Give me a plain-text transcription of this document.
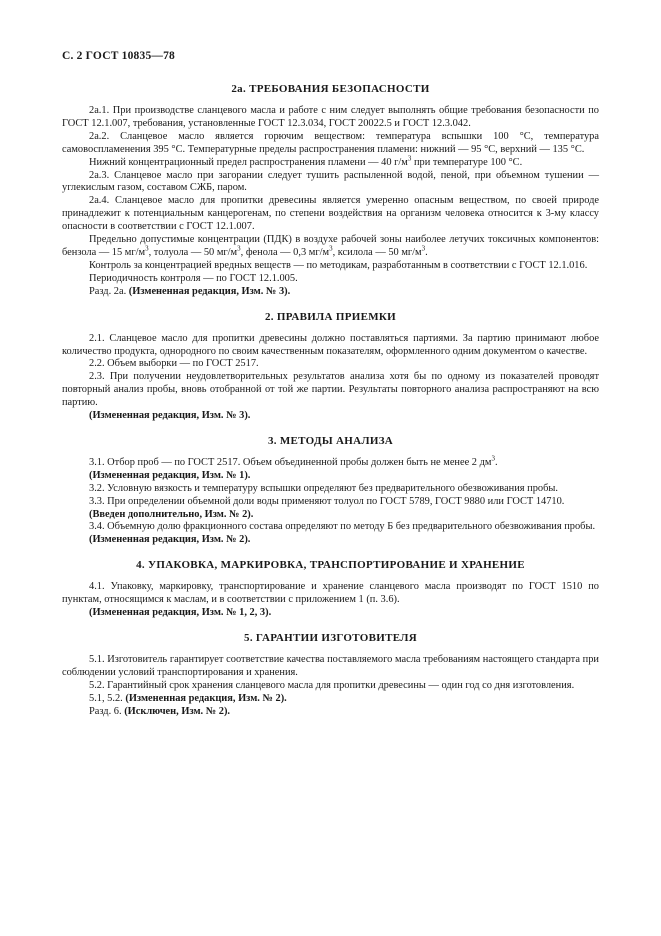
С. 2 ГОСТ 10835—78
2а. ТРЕБОВАНИЯ БЕЗОПАСНОСТИ

2а.1. При производстве сланцевого масла и работе с ним следует выполнять общие требования безопасности по ГОСТ 12.1.007, требования, установленные ГОСТ 12.3.034, ГОСТ 20022.5 и ГОСТ 12.3.042.

2а.2. Сланцевое масло является горючим веществом: температура вспышки 100 °С, температура самовоспламенения 395 °С. Температурные пределы распространения пламени: нижний — 95 °С, верхний — 135 °С.

Нижний концентрационный предел распространения пламени — 40 $г/м^3$ при температуре 100 °С.

2а.3. Сланцевое масло при загорании следует тушить распыленной водой, пеной, при объемном тушении — углекислым газом, составом СЖБ, паром.

2а.4. Сланцевое масло для пропитки древесины является умеренно опасным веществом, по своей природе принадлежит к потенциальным канцерогенам, по степени воздействия на организм человека относится к 3-му классу опасности в соответствии с ГОСТ 12.1.007.

Предельно допустимые концентрации (ПДК) в воздухе рабочей зоны наиболее летучих токсичных компонентов: бензола — 15 $мг/м^3$, толуола — 50 $мг/м^3$, фенола — 0,3 $мг/м^3$, ксилола — 50 $мг/м^3$.

Контроль за концентрацией вредных веществ — по методикам, разработанным в соответствии с ГОСТ 12.1.016.

Периодичность контроля — по ГОСТ 12.1.005.

Разд. 2а. (Измененная редакция, Изм. № 3).

2. ПРАВИЛА ПРИЕМКИ

2.1. Сланцевое масло для пропитки древесины должно поставляться партиями. За партию принимают любое количество продукта, однородного по своим качественным показателям, оформленного одним документом о качестве.

2.2. Объем выборки — по ГОСТ 2517.

2.3. При получении неудовлетворительных результатов анализа хотя бы по одному из показателей проводят повторный анализ пробы, вновь отобранной от той же партии. Результаты повторного анализа распространяют на всю партию.

(Измененная редакция, Изм. № 3).

3. МЕТОДЫ АНАЛИЗА

3.1. Отбор проб — по ГОСТ 2517. Объем объединенной пробы должен быть не менее 2 $дм^3$.

(Измененная редакция, Изм. № 1).

3.2. Условную вязкость и температуру вспышки определяют без предварительного обезвоживания пробы.

3.3. При определении объемной доли воды применяют толуол по ГОСТ 5789, ГОСТ 9880 или ГОСТ 14710.

(Введен дополнительно, Изм. № 2).

3.4. Объемную долю фракционного состава определяют по методу Б без предварительного обезвоживания пробы.

(Измененная редакция, Изм. № 2).

4. УПАКОВКА, МАРКИРОВКА, ТРАНСПОРТИРОВАНИЕ И ХРАНЕНИЕ

4.1. Упаковку, маркировку, транспортирование и хранение сланцевого масла производят по ГОСТ 1510 по пунктам, относящимся к маслам, и в соответствии с приложением 1 (п. 3.6).

(Измененная редакция, Изм. № 1, 2, 3).

5. ГАРАНТИИ ИЗГОТОВИТЕЛЯ

5.1. Изготовитель гарантирует соответствие качества поставляемого масла требованиям настоящего стандарта при соблюдении условий транспортирования и хранения.

5.2. Гарантийный срок хранения сланцевого масла для пропитки древесины — один год со дня изготовления.

5.1, 5.2. (Измененная редакция, Изм. № 2).

Разд. 6. (Исключен, Изм. № 2).
